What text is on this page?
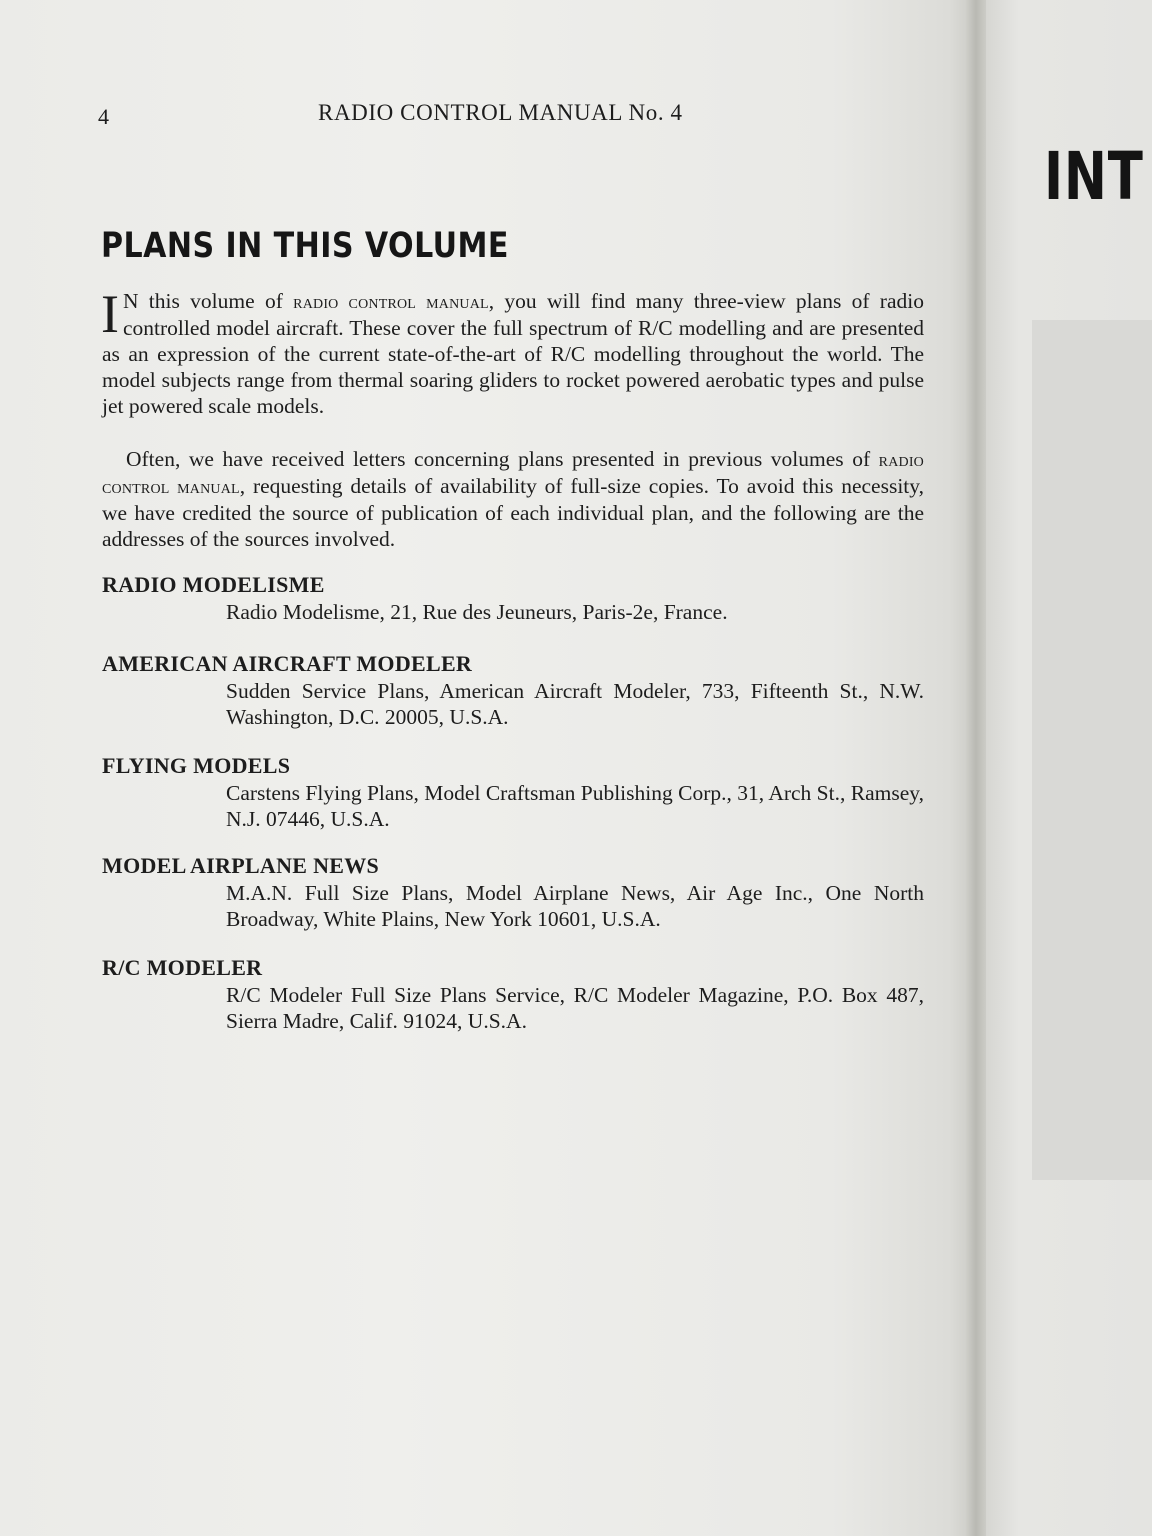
INT
4	RADIO CONTROL MANUAL No. 4
PLANS IN THIS VOLUME
I N this volume of radio control manual, you will find many three-view plans of radio controlled model aircraft. These cover the full spectrum of R/C modelling and are presented as an expression of the current state-of-the-art of R/C modelling throughout the world. The model subjects range from thermal soaring gliders to rocket powered aerobatic types and pulse jet powered scale models.
Often, we have received letters concerning plans presented in previous volumes of radio control manual, requesting details of availability of full-size copies. To avoid this necessity, we have credited the source of publication of each individual plan, and the following are the addresses of the sources involved.
RADIO MODELISME
Radio Modelisme, 21, Rue des Jeuneurs, Paris-2e, France.
AMERICAN AIRCRAFT MODELER
Sudden Service Plans, American Aircraft Modeler, 733, Fifteenth St., N.W. Washington, D.C. 20005, U.S.A.
FLYING MODELS
Carstens Flying Plans, Model Craftsman Publishing Corp., 31, Arch St., Ramsey, N.J. 07446, U.S.A.
MODEL AIRPLANE NEWS
M.A.N. Full Size Plans, Model Airplane News, Air Age Inc., One North Broadway, White Plains, New York 10601, U.S.A.
R/C MODELER
R/C Modeler Full Size Plans Service, R/C Modeler Magazine, P.O. Box 487, Sierra Madre, Calif. 91024, U.S.A.
